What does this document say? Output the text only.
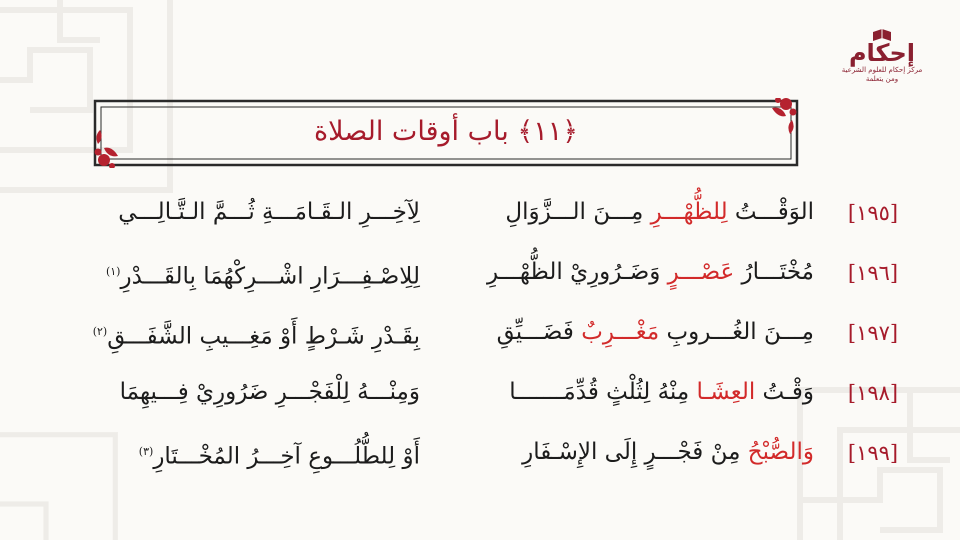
إحكام
مركز إحكام للعلوم الشرعية
ومن يتعلمة
﴿١١﴾ باب أوقات الصلاة
[١٩٥]
الوَقْـــتُ لِلظُّهْـــرِ مِـــنَ الـــزَّوَالِ
لِآخِـــرِ الـقَـامَـــةِ ثُـــمَّ الـتَّـالِـــي
[١٩٦]
مُخْتَـــارُ عَصْـــرٍ وَضَـرُورِيْ الظُّهْـــرِ
لِلِاصْـفِـــرَارِ اشْـــرِكْهُمَا بِالقَـــدْرِ$^{(١)}$
[١٩٧]
مِـــنَ الغُـــروبِ مَغْـــرِبٌ فَضَـــيِّقِ
بِقَـدْرِ شَـرْطٍ أَوْ مَغِـــيبِ الشَّفَـــقِ$^{(٢)}$
[١٩٨]
وَقْـتُ العِشَـا مِنْهُ لِثُلْثٍ قُدِّمَـــــــا
وَمِنْـــهُ لِلْفَجْـــرِ ضَرُورِيْ فِـــيهِمَا
[١٩٩]
وَالصُّبْحُ مِنْ فَجْـــرٍ إِلَى الإِسْـفَارِ
أَوْ لِلطُّلُـــوعِ آخِـــرُ المُخْـــتَارِ$^{(٣)}$
